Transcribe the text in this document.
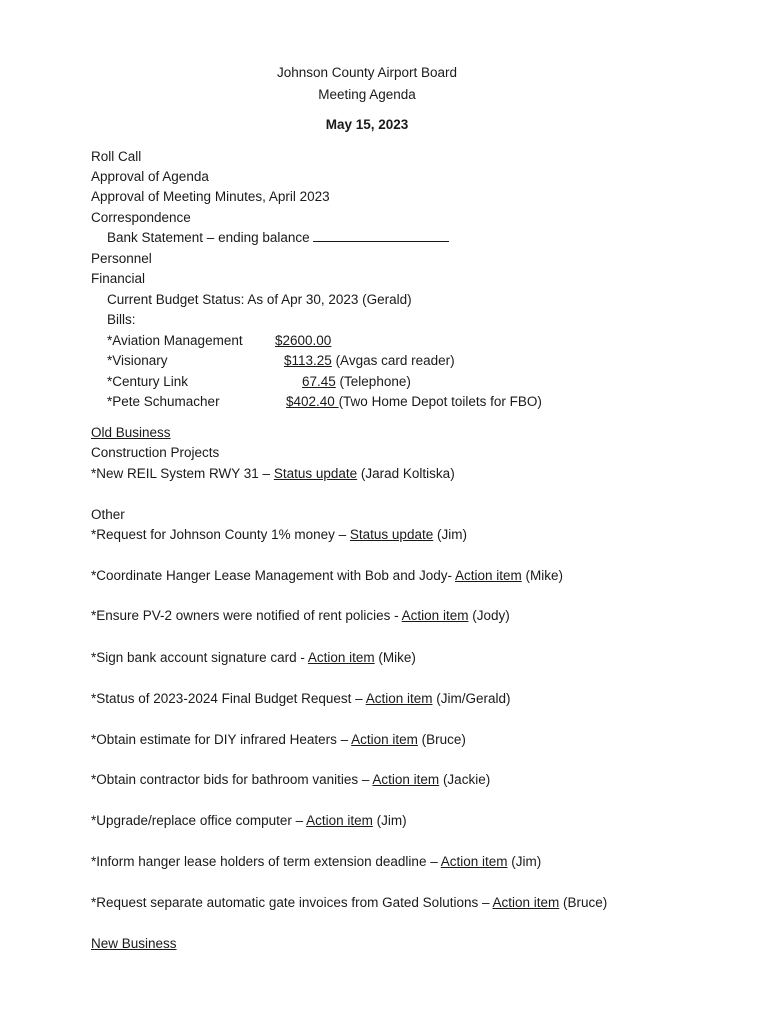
Johnson County Airport Board
Meeting Agenda
May 15, 2023
Roll Call
Approval of Agenda
Approval of Meeting Minutes, April 2023
Correspondence
Bank Statement – ending balance
Personnel
Financial
Current Budget Status: As of Apr 30, 2023 (Gerald)
Bills:
*Aviation Management $2600.00
*Visionary	$113.25 (Avgas card reader)
*Century Link	67.45 (Telephone)
*Pete Schumacher	$402.40 (Two Home Depot toilets for FBO)
Old Business
Construction Projects
*New REIL System RWY 31 – Status update (Jarad Koltiska)
Other
*Request for Johnson County 1% money – Status update (Jim)
*Coordinate Hanger Lease Management with Bob and Jody- Action item (Mike)
*Ensure PV-2 owners were notified of rent policies - Action item (Jody)
*Sign bank account signature card - Action item (Mike)
*Status of 2023-2024 Final Budget Request – Action item (Jim/Gerald)
*Obtain estimate for DIY infrared Heaters – Action item (Bruce)
*Obtain contractor bids for bathroom vanities – Action item (Jackie)
*Upgrade/replace office computer – Action item (Jim)
*Inform hanger lease holders of term extension deadline – Action item (Jim)
*Request separate automatic gate invoices from Gated Solutions – Action item (Bruce)
New Business
